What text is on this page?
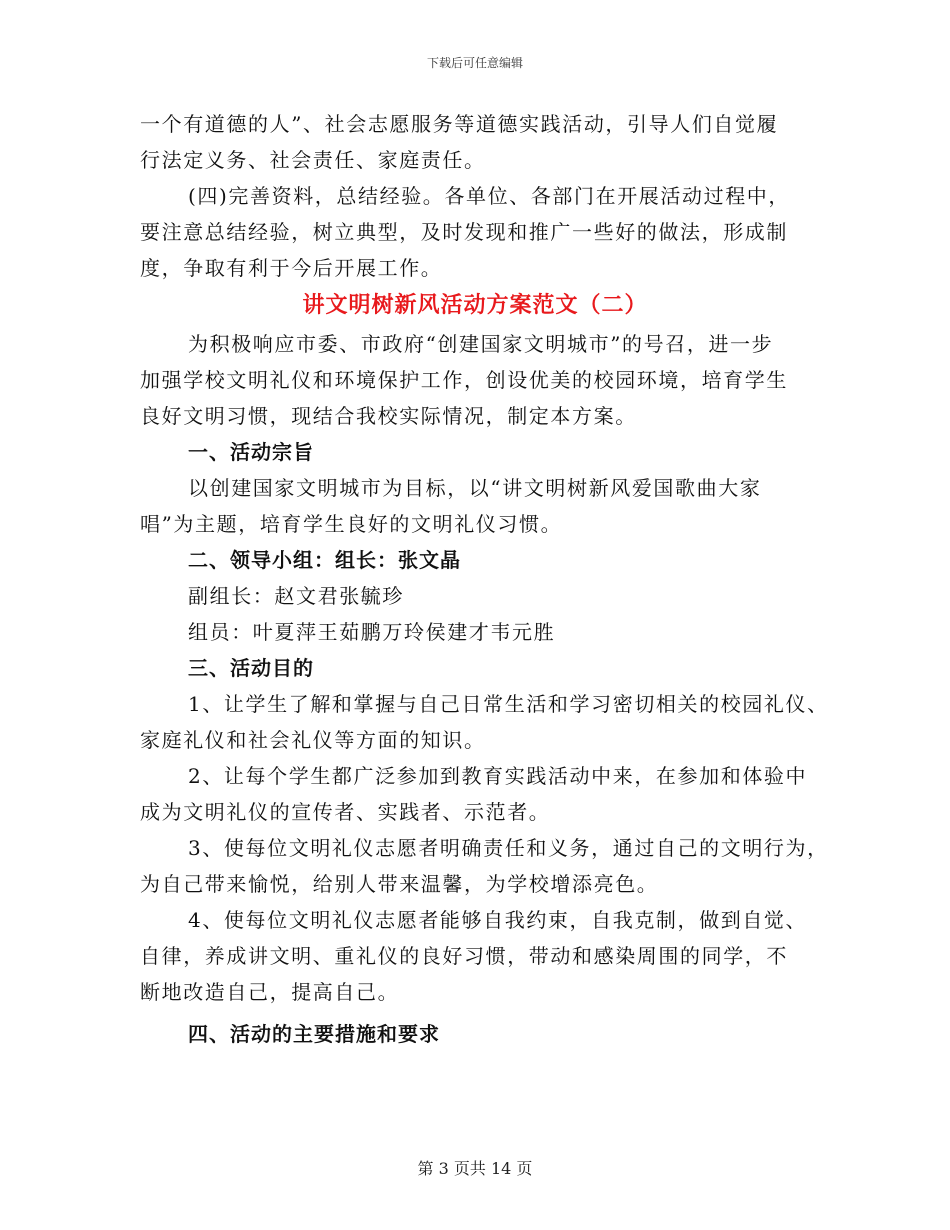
下载后可任意编辑
一个有道德的人”、社会志愿服务等道德实践活动，引导人们自觉履
行法定义务、社会责任、家庭责任。
(四)完善资料，总结经验。各单位、各部门在开展活动过程中，
要注意总结经验，树立典型，及时发现和推广一些好的做法，形成制
度，争取有利于今后开展工作。
讲文明树新风活动方案范文（二）
为积极响应市委、市政府“创建国家文明城市”的号召，进一步
加强学校文明礼仪和环境保护工作，创设优美的校园环境，培育学生
良好文明习惯，现结合我校实际情况，制定本方案。
一、活动宗旨
以创建国家文明城市为目标，以“讲文明树新风爱国歌曲大家
唱”为主题，培育学生良好的文明礼仪习惯。
二、领导小组：组长：张文晶
副组长：赵文君张毓珍
组员：叶夏萍王茹鹏万玲侯建才韦元胜
三、活动目的
1、让学生了解和掌握与自己日常生活和学习密切相关的校园礼仪、
家庭礼仪和社会礼仪等方面的知识。
2、让每个学生都广泛参加到教育实践活动中来，在参加和体验中
成为文明礼仪的宣传者、实践者、示范者。
3、使每位文明礼仪志愿者明确责任和义务，通过自己的文明行为，
为自己带来愉悦，给别人带来温馨，为学校增添亮色。
4、使每位文明礼仪志愿者能够自我约束，自我克制，做到自觉、
自律，养成讲文明、重礼仪的良好习惯，带动和感染周围的同学，不
断地改造自己，提高自己。
四、活动的主要措施和要求
第 3 页共 14 页
